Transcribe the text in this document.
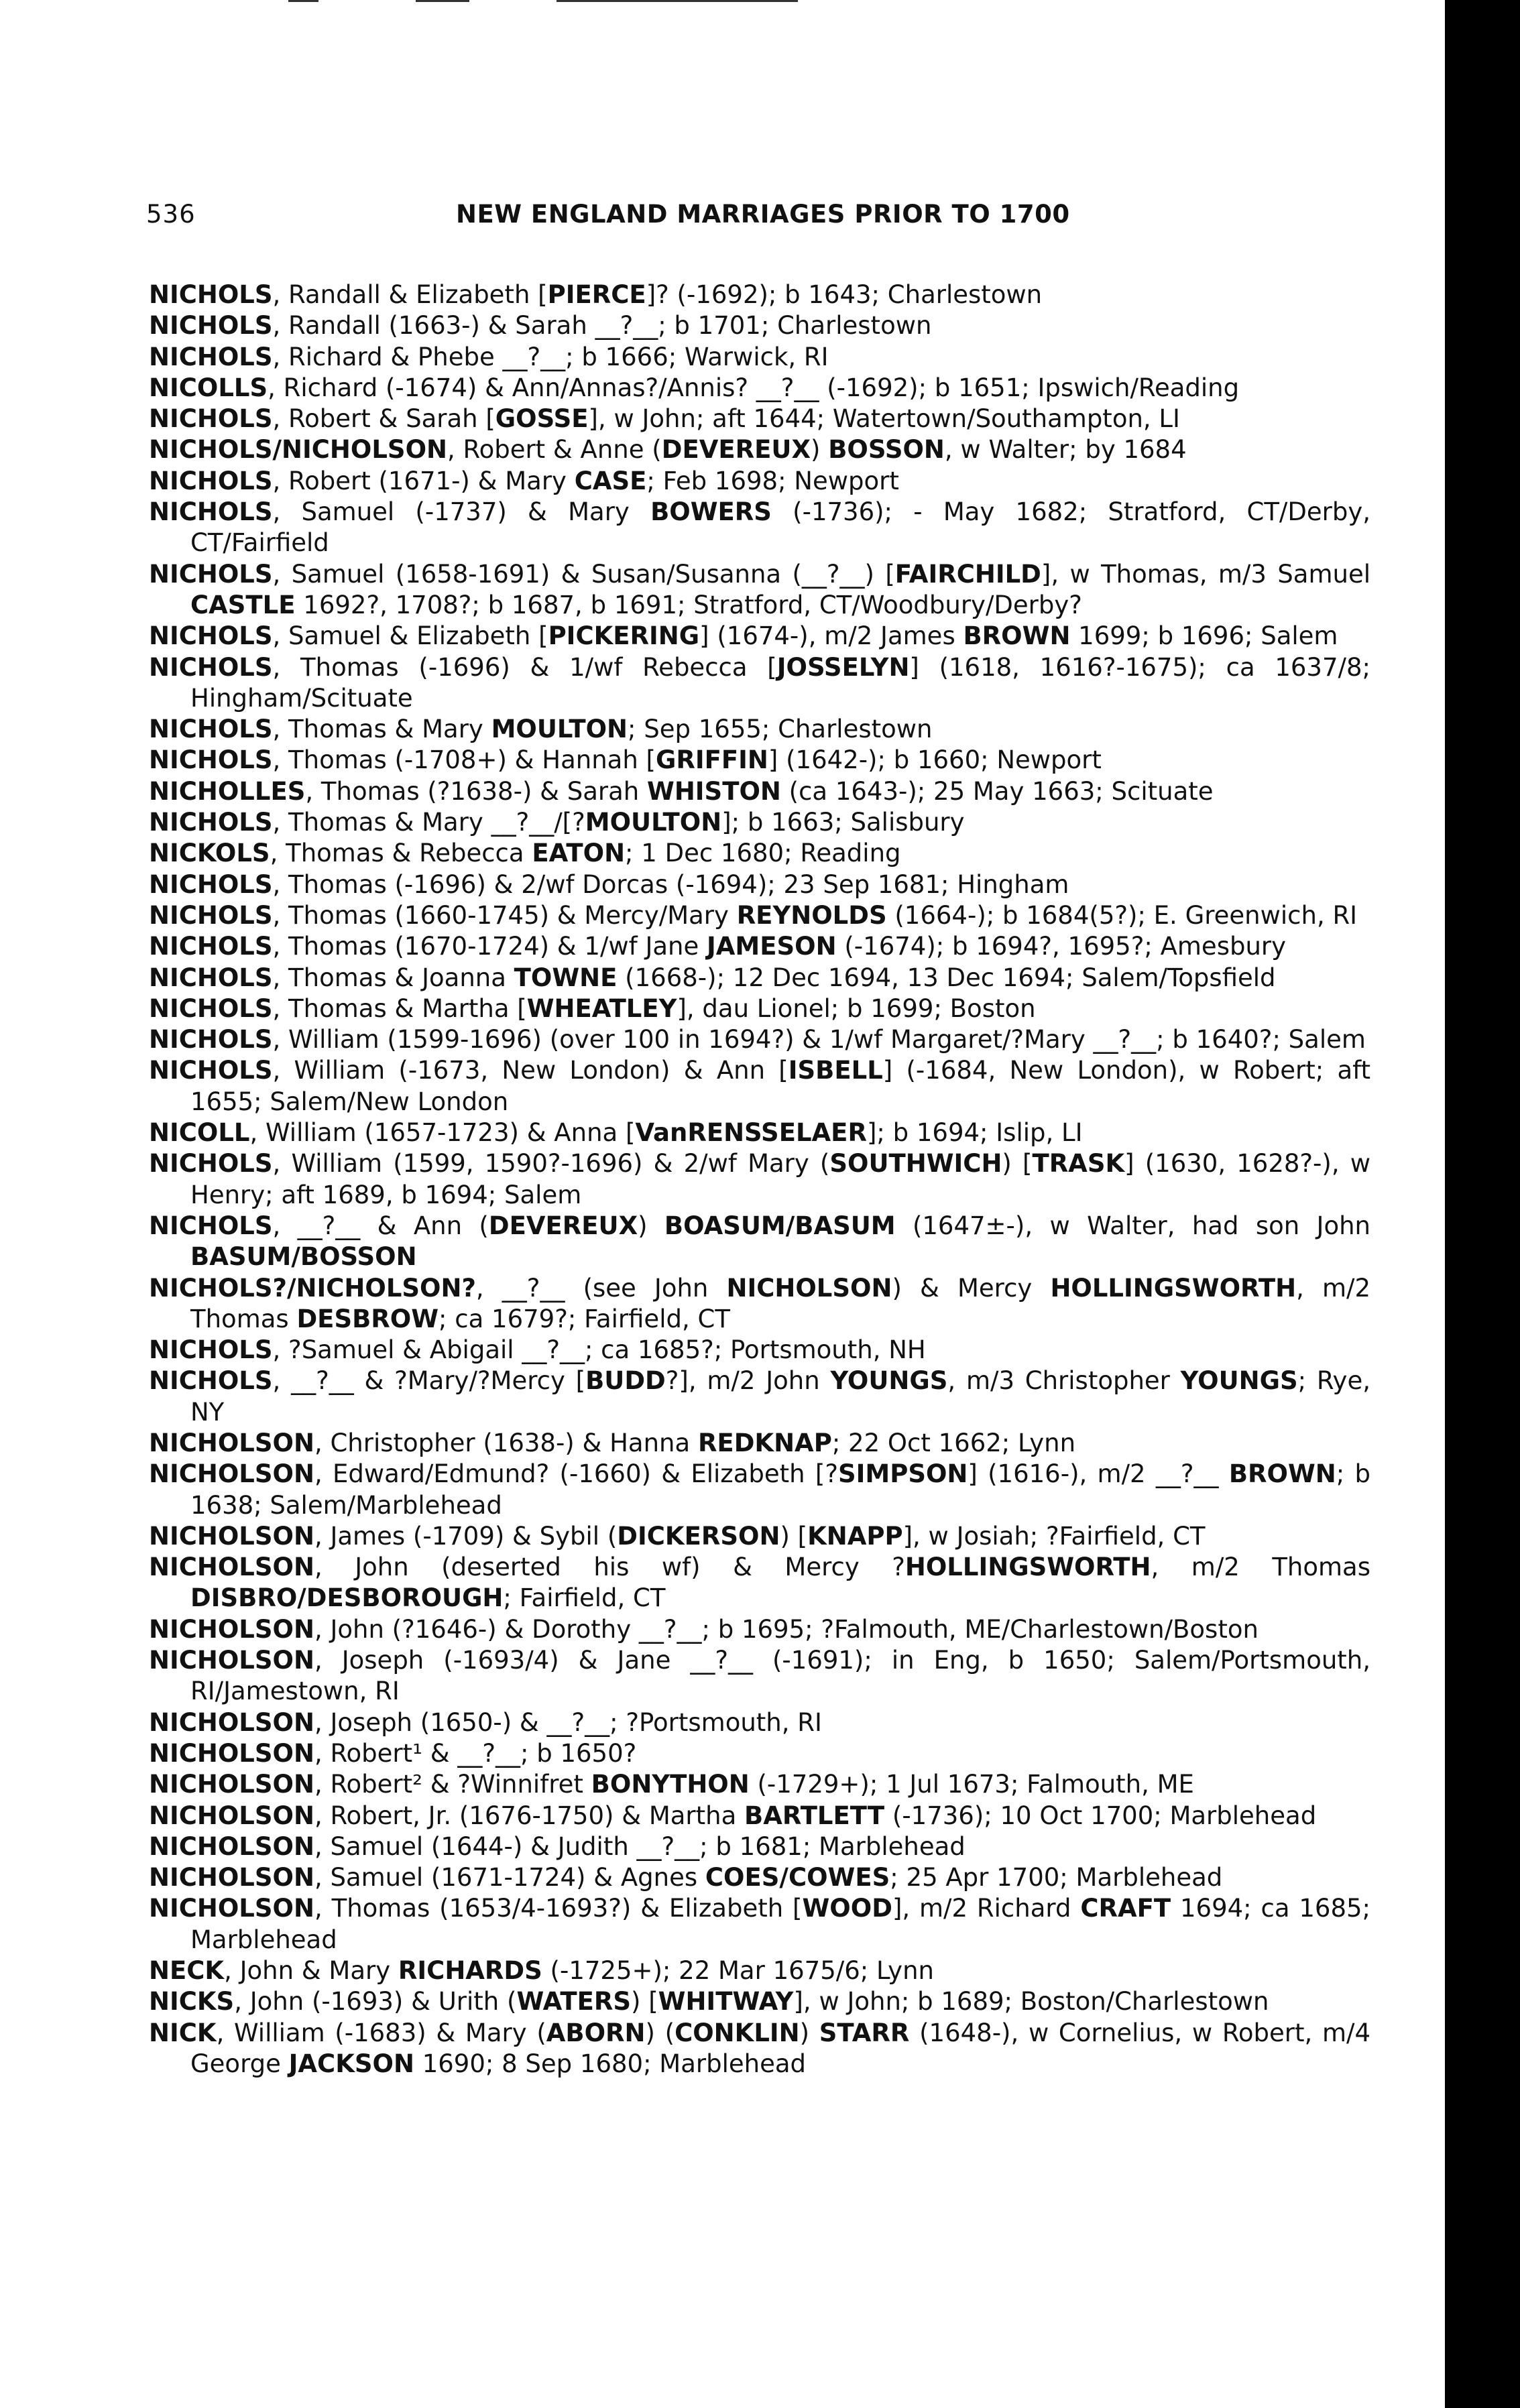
536	NEW ENGLAND MARRIAGES PRIOR TO 1700
NICHOLS, Randall & Elizabeth [PIERCE]? (-1692); b 1643; Charlestown
NICHOLS, Randall (1663-) & Sarah __?__; b 1701; Charlestown
NICHOLS, Richard & Phebe __?__; b 1666; Warwick, RI
NICOLLS, Richard (-1674) & Ann/Annas?/Annis? __?__ (-1692); b 1651; Ipswich/Reading
NICHOLS, Robert & Sarah [GOSSE], w John; aft 1644; Watertown/Southampton, LI
NICHOLS/NICHOLSON, Robert & Anne (DEVEREUX) BOSSON, w Walter; by 1684
NICHOLS, Robert (1671-) & Mary CASE; Feb 1698; Newport
NICHOLS, Samuel (-1737) & Mary BOWERS (-1736); - May 1682; Stratford, CT/Derby, CT/Fairfield
NICHOLS, Samuel (1658-1691) & Susan/Susanna (__?__) [FAIRCHILD], w Thomas, m/3 Samuel CASTLE 1692?, 1708?; b 1687, b 1691; Stratford, CT/Woodbury/Derby?
NICHOLS, Samuel & Elizabeth [PICKERING] (1674-), m/2 James BROWN 1699; b 1696; Salem
NICHOLS, Thomas (-1696) & 1/wf Rebecca [JOSSELYN] (1618, 1616?-1675); ca 1637/8; Hingham/Scituate
NICHOLS, Thomas & Mary MOULTON; Sep 1655; Charlestown
NICHOLS, Thomas (-1708+) & Hannah [GRIFFIN] (1642-); b 1660; Newport
NICHOLLES, Thomas (?1638-) & Sarah WHISTON (ca 1643-); 25 May 1663; Scituate
NICHOLS, Thomas & Mary __?__/[?MOULTON]; b 1663; Salisbury
NICKOLS, Thomas & Rebecca EATON; 1 Dec 1680; Reading
NICHOLS, Thomas (-1696) & 2/wf Dorcas (-1694); 23 Sep 1681; Hingham
NICHOLS, Thomas (1660-1745) & Mercy/Mary REYNOLDS (1664-); b 1684(5?); E. Greenwich, RI
NICHOLS, Thomas (1670-1724) & 1/wf Jane JAMESON (-1674); b 1694?, 1695?; Amesbury
NICHOLS, Thomas & Joanna TOWNE (1668-); 12 Dec 1694, 13 Dec 1694; Salem/Topsfield
NICHOLS, Thomas & Martha [WHEATLEY], dau Lionel; b 1699; Boston
NICHOLS, William (1599-1696) (over 100 in 1694?) & 1/wf Margaret/?Mary __?__; b 1640?; Salem
NICHOLS, William (-1673, New London) & Ann [ISBELL] (-1684, New London), w Robert; aft 1655; Salem/New London
NICOLL, William (1657-1723) & Anna [VanRENSSELAER]; b 1694; Islip, LI
NICHOLS, William (1599, 1590?-1696) & 2/wf Mary (SOUTHWICH) [TRASK] (1630, 1628?-), w Henry; aft 1689, b 1694; Salem
NICHOLS, __?__ & Ann (DEVEREUX) BOASUM/BASUM (1647±-), w Walter, had son John BASUM/BOSSON
NICHOLS?/NICHOLSON?, __?__ (see John NICHOLSON) & Mercy HOLLINGSWORTH, m/2 Thomas DESBROW; ca 1679?; Fairfield, CT
NICHOLS, ?Samuel & Abigail __?__; ca 1685?; Portsmouth, NH
NICHOLS, __?__ & ?Mary/?Mercy [BUDD?], m/2 John YOUNGS, m/3 Christopher YOUNGS; Rye, NY
NICHOLSON, Christopher (1638-) & Hanna REDKNAP; 22 Oct 1662; Lynn
NICHOLSON, Edward/Edmund? (-1660) & Elizabeth [?SIMPSON] (1616-), m/2 __?__ BROWN; b 1638; Salem/Marblehead
NICHOLSON, James (-1709) & Sybil (DICKERSON) [KNAPP], w Josiah; ?Fairfield, CT
NICHOLSON, John (deserted his wf) & Mercy ?HOLLINGSWORTH, m/2 Thomas DISBRO/DESBOROUGH; Fairfield, CT
NICHOLSON, John (?1646-) & Dorothy __?__; b 1695; ?Falmouth, ME/Charlestown/Boston
NICHOLSON, Joseph (-1693/4) & Jane __?__ (-1691); in Eng, b 1650; Salem/Portsmouth, RI/Jamestown, RI
NICHOLSON, Joseph (1650-) & __?__; ?Portsmouth, RI
NICHOLSON, Robert¹ & __?__; b 1650?
NICHOLSON, Robert² & ?Winnifret BONYTHON (-1729+); 1 Jul 1673; Falmouth, ME
NICHOLSON, Robert, Jr. (1676-1750) & Martha BARTLETT (-1736); 10 Oct 1700; Marblehead
NICHOLSON, Samuel (1644-) & Judith __?__; b 1681; Marblehead
NICHOLSON, Samuel (1671-1724) & Agnes COES/COWES; 25 Apr 1700; Marblehead
NICHOLSON, Thomas (1653/4-1693?) & Elizabeth [WOOD], m/2 Richard CRAFT 1694; ca 1685; Marblehead
NECK, John & Mary RICHARDS (-1725+); 22 Mar 1675/6; Lynn
NICKS, John (-1693) & Urith (WATERS) [WHITWAY], w John; b 1689; Boston/Charlestown
NICK, William (-1683) & Mary (ABORN) (CONKLIN) STARR (1648-), w Cornelius, w Robert, m/4 George JACKSON 1690; 8 Sep 1680; Marblehead
